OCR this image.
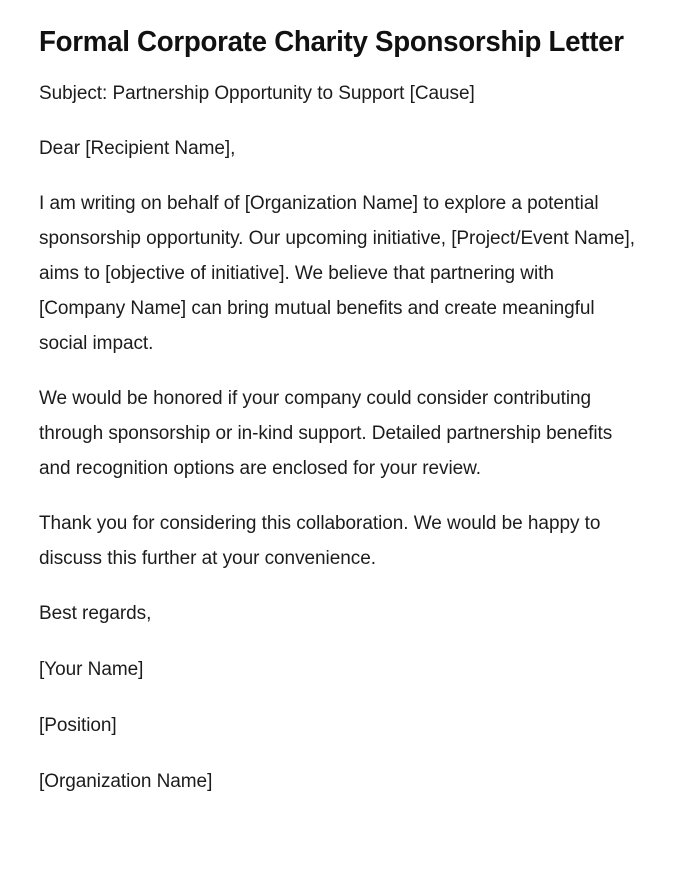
Formal Corporate Charity Sponsorship Letter

Subject: Partnership Opportunity to Support [Cause]

Dear [Recipient Name],

I am writing on behalf of [Organization Name] to explore a potential sponsorship opportunity. Our upcoming initiative, [Project/Event Name], aims to [objective of initiative]. We believe that partnering with [Company Name] can bring mutual benefits and create meaningful social impact.

We would be honored if your company could consider contributing through sponsorship or in-kind support. Detailed partnership benefits and recognition options are enclosed for your review.

Thank you for considering this collaboration. We would be happy to discuss this further at your convenience.

Best regards,

[Your Name]

[Position]

[Organization Name]
